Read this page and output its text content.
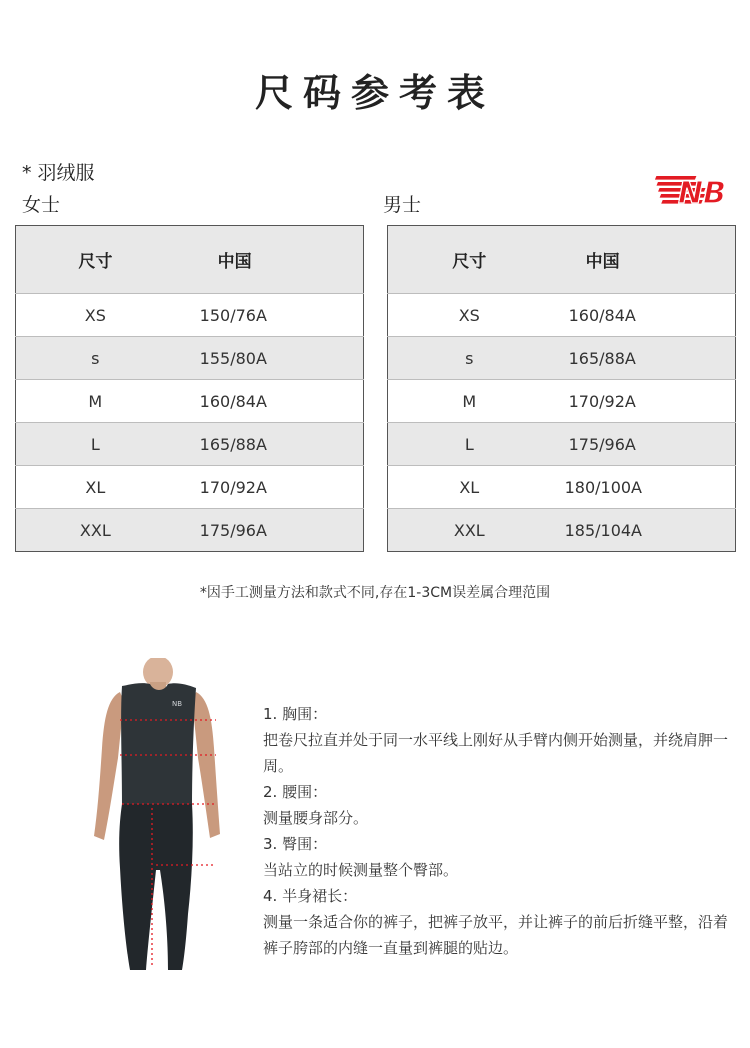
尺码参考表
* 羽绒服
女士	男士	NB
尺寸	中国
XS	150/76A
s	155/80A
M	160/84A
L	165/88A
XL	170/92A
XXL	175/96A
尺寸	中国
XS	160/84A
s	165/88A
M	170/92A
L	175/96A
XL	180/100A
XXL	185/104A
*因手工测量方法和款式不同,存在1-3CM误差属合理范围
NB

1. 胸围：

把卷尺拉直并处于同一水平线上刚好从手臂内侧开始测量，并绕肩胛一周。

2. 腰围：

测量腰身部分。

3. 臀围：

当站立的时候测量整个臀部。

4. 半身裙长：

测量一条适合你的裤子，把裤子放平，并让裤子的前后折缝平整，沿着裤子胯部的内缝一直量到裤腿的贴边。
